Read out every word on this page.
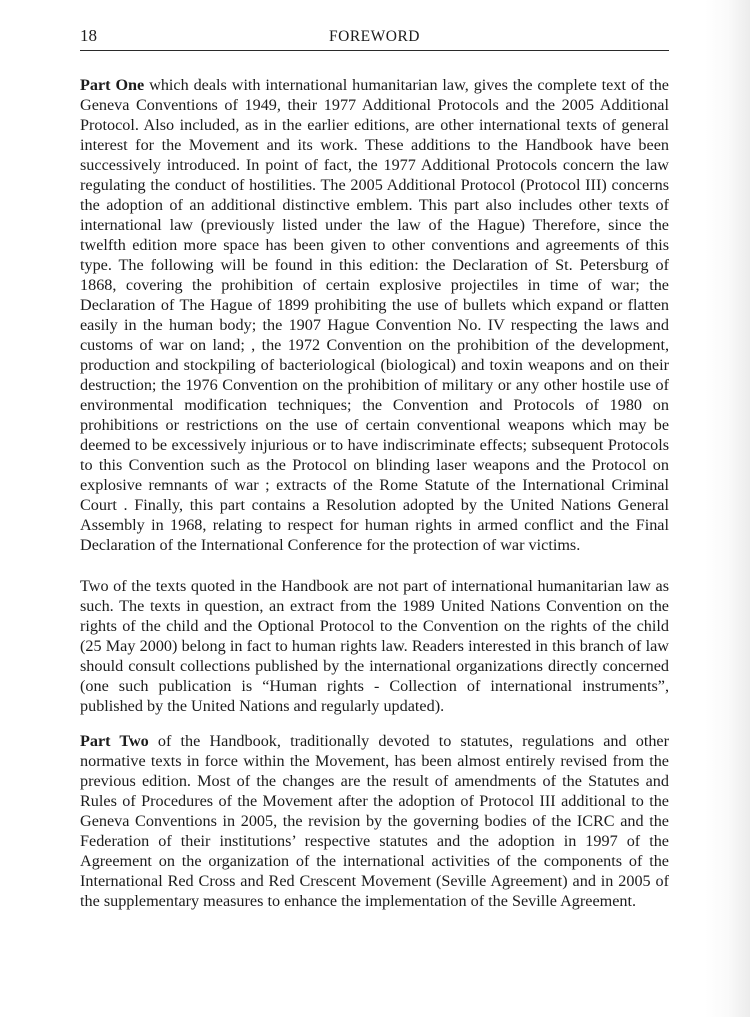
18	FOREWORD

Part One which deals with international humanitarian law, gives the complete text of the Geneva Conventions of 1949, their 1977 Additional Protocols and the 2005 Additional Protocol. Also included, as in the earlier editions, are other international texts of general interest for the Movement and its work. These additions to the Handbook have been successively introduced. In point of fact, the 1977 Additional Protocols concern the law regulating the conduct of hostilities. The 2005 Additional Protocol (Protocol III) concerns the adoption of an additional distinctive emblem. This part also includes other texts of international law (previously listed under the law of the Hague) Therefore, since the twelfth edition more space has been given to other conventions and agreements of this type. The following will be found in this edition: the Declaration of St. Petersburg of 1868, covering the prohibition of certain explosive projectiles in time of war; the Declaration of The Hague of 1899 prohibiting the use of bullets which expand or flatten easily in the human body; the 1907 Hague Convention No. IV respecting the laws and customs of war on land; , the 1972 Convention on the prohibition of the development, production and stockpiling of bacteriological (biological) and toxin weapons and on their destruction; the 1976 Convention on the prohibition of military or any other hostile use of environmental modification techniques; the Convention and Protocols of 1980 on prohibitions or restrictions on the use of certain conventional weapons which may be deemed to be excessively injurious or to have indiscriminate effects; subsequent Protocols to this Convention such as the Protocol on blinding laser weapons and the Protocol on explosive remnants of war ; extracts of the Rome Statute of the International Criminal Court . Finally, this part contains a Resolution adopted by the United Nations General Assembly in 1968, relating to respect for human rights in armed conflict and the Final Declaration of the International Conference for the protection of war victims.

Two of the texts quoted in the Handbook are not part of international humanitarian law as such. The texts in question, an extract from the 1989 United Nations Convention on the rights of the child and the Optional Protocol to the Convention on the rights of the child (25 May 2000) belong in fact to human rights law. Readers interested in this branch of law should consult collections published by the international organizations directly concerned (one such publication is “Human rights - Collection of international instruments”, published by the United Nations and regularly updated).

Part Two of the Handbook, traditionally devoted to statutes, regulations and other normative texts in force within the Movement, has been almost entirely revised from the previous edition. Most of the changes are the result of amendments of the Statutes and Rules of Procedures of the Movement after the adoption of Protocol III additional to the Geneva Conventions in 2005, the revision by the governing bodies of the ICRC and the Federation of their institutions’ respective statutes and the adoption in 1997 of the Agreement on the organization of the international activities of the components of the International Red Cross and Red Crescent Movement (Seville Agreement) and in 2005 of the supplementary measures to enhance the implementation of the Seville Agreement.
